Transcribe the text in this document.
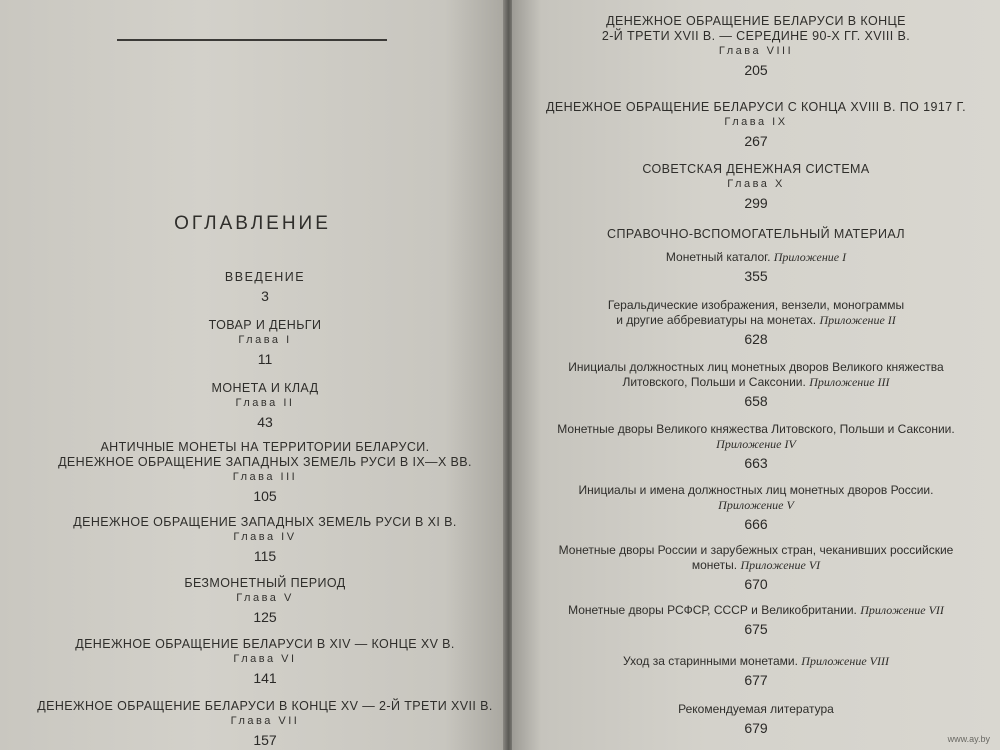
ОГЛАВЛЕНИЕ
ВВЕДЕНИЕ
3
ТОВАР И ДЕНЬГИ
Глава I
11
МОНЕТА И КЛАД
Глава II
43
АНТИЧНЫЕ МОНЕТЫ НА ТЕРРИТОРИИ БЕЛАРУСИ.
ДЕНЕЖНОЕ ОБРАЩЕНИЕ ЗАПАДНЫХ ЗЕМЕЛЬ РУСИ В IX—X ВВ.
Глава III
105
ДЕНЕЖНОЕ ОБРАЩЕНИЕ ЗАПАДНЫХ ЗЕМЕЛЬ РУСИ В XI В.
Глава IV
115
БЕЗМОНЕТНЫЙ ПЕРИОД
Глава V
125
ДЕНЕЖНОЕ ОБРАЩЕНИЕ БЕЛАРУСИ В XIV — КОНЦЕ XV В.
Глава VI
141
ДЕНЕЖНОЕ ОБРАЩЕНИЕ БЕЛАРУСИ В КОНЦЕ XV — 2-Й ТРЕТИ XVII В.
Глава VII
157
ДЕНЕЖНОЕ ОБРАЩЕНИЕ БЕЛАРУСИ В КОНЦЕ
2-Й ТРЕТИ XVII В. — СЕРЕДИНЕ 90-Х ГГ. XVIII В.
Глава VIII
205
ДЕНЕЖНОЕ ОБРАЩЕНИЕ БЕЛАРУСИ С КОНЦА XVIII В. ПО 1917 Г.
Глава IX
267
СОВЕТСКАЯ ДЕНЕЖНАЯ СИСТЕМА
Глава X
299
СПРАВОЧНО-ВСПОМОГАТЕЛЬНЫЙ МАТЕРИАЛ
Монетный каталог. Приложение I
355
Геральдические изображения, вензели, монограммы
и другие аббревиатуры на монетах. Приложение II
628
Инициалы должностных лиц монетных дворов Великого княжества
Литовского, Польши и Саксонии. Приложение III
658
Монетные дворы Великого княжества Литовского, Польши и Саксонии.
Приложение IV
663
Инициалы и имена должностных лиц монетных дворов России.
Приложение V
666
Монетные дворы России и зарубежных стран, чеканивших российские
монеты. Приложение VI
670
Монетные дворы РСФСР, СССР и Великобритании. Приложение VII
675
Уход за старинными монетами. Приложение VIII
677
Рекомендуемая литература
679
www.ay.by
